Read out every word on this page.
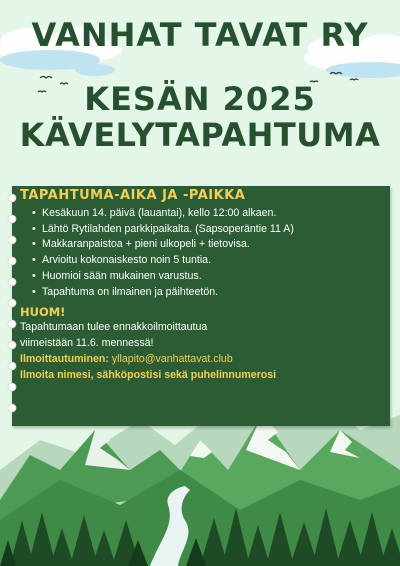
VANHAT TAVAT RY
KESÄN 2025
KÄVELYTAPAHTUMA
TAPAHTUMA-AIKA JA -PAIKKA
• Kesäkuun 14. päivä (lauantai), kello 12:00 alkaen.
• Lähtö Rytilahden parkkipaikalta. (Sapsoperäntie 11 A)
• Makkaranpaistoa + pieni ulkopeli + tietovisa.
• Arvioitu kokonaiskesto noin 5 tuntia.
• Huomioi sään mukainen varustus.
• Tapahtuma on ilmainen ja päihteetön.
HUOM!

Tapahtumaan tulee ennakkoilmoittautua

viimeistään 11.6. mennessä!

Ilmoittautuminen: yllapito@vanhattavat.club

Ilmoita nimesi, sähköpostisi sekä puhelinnumerosi
